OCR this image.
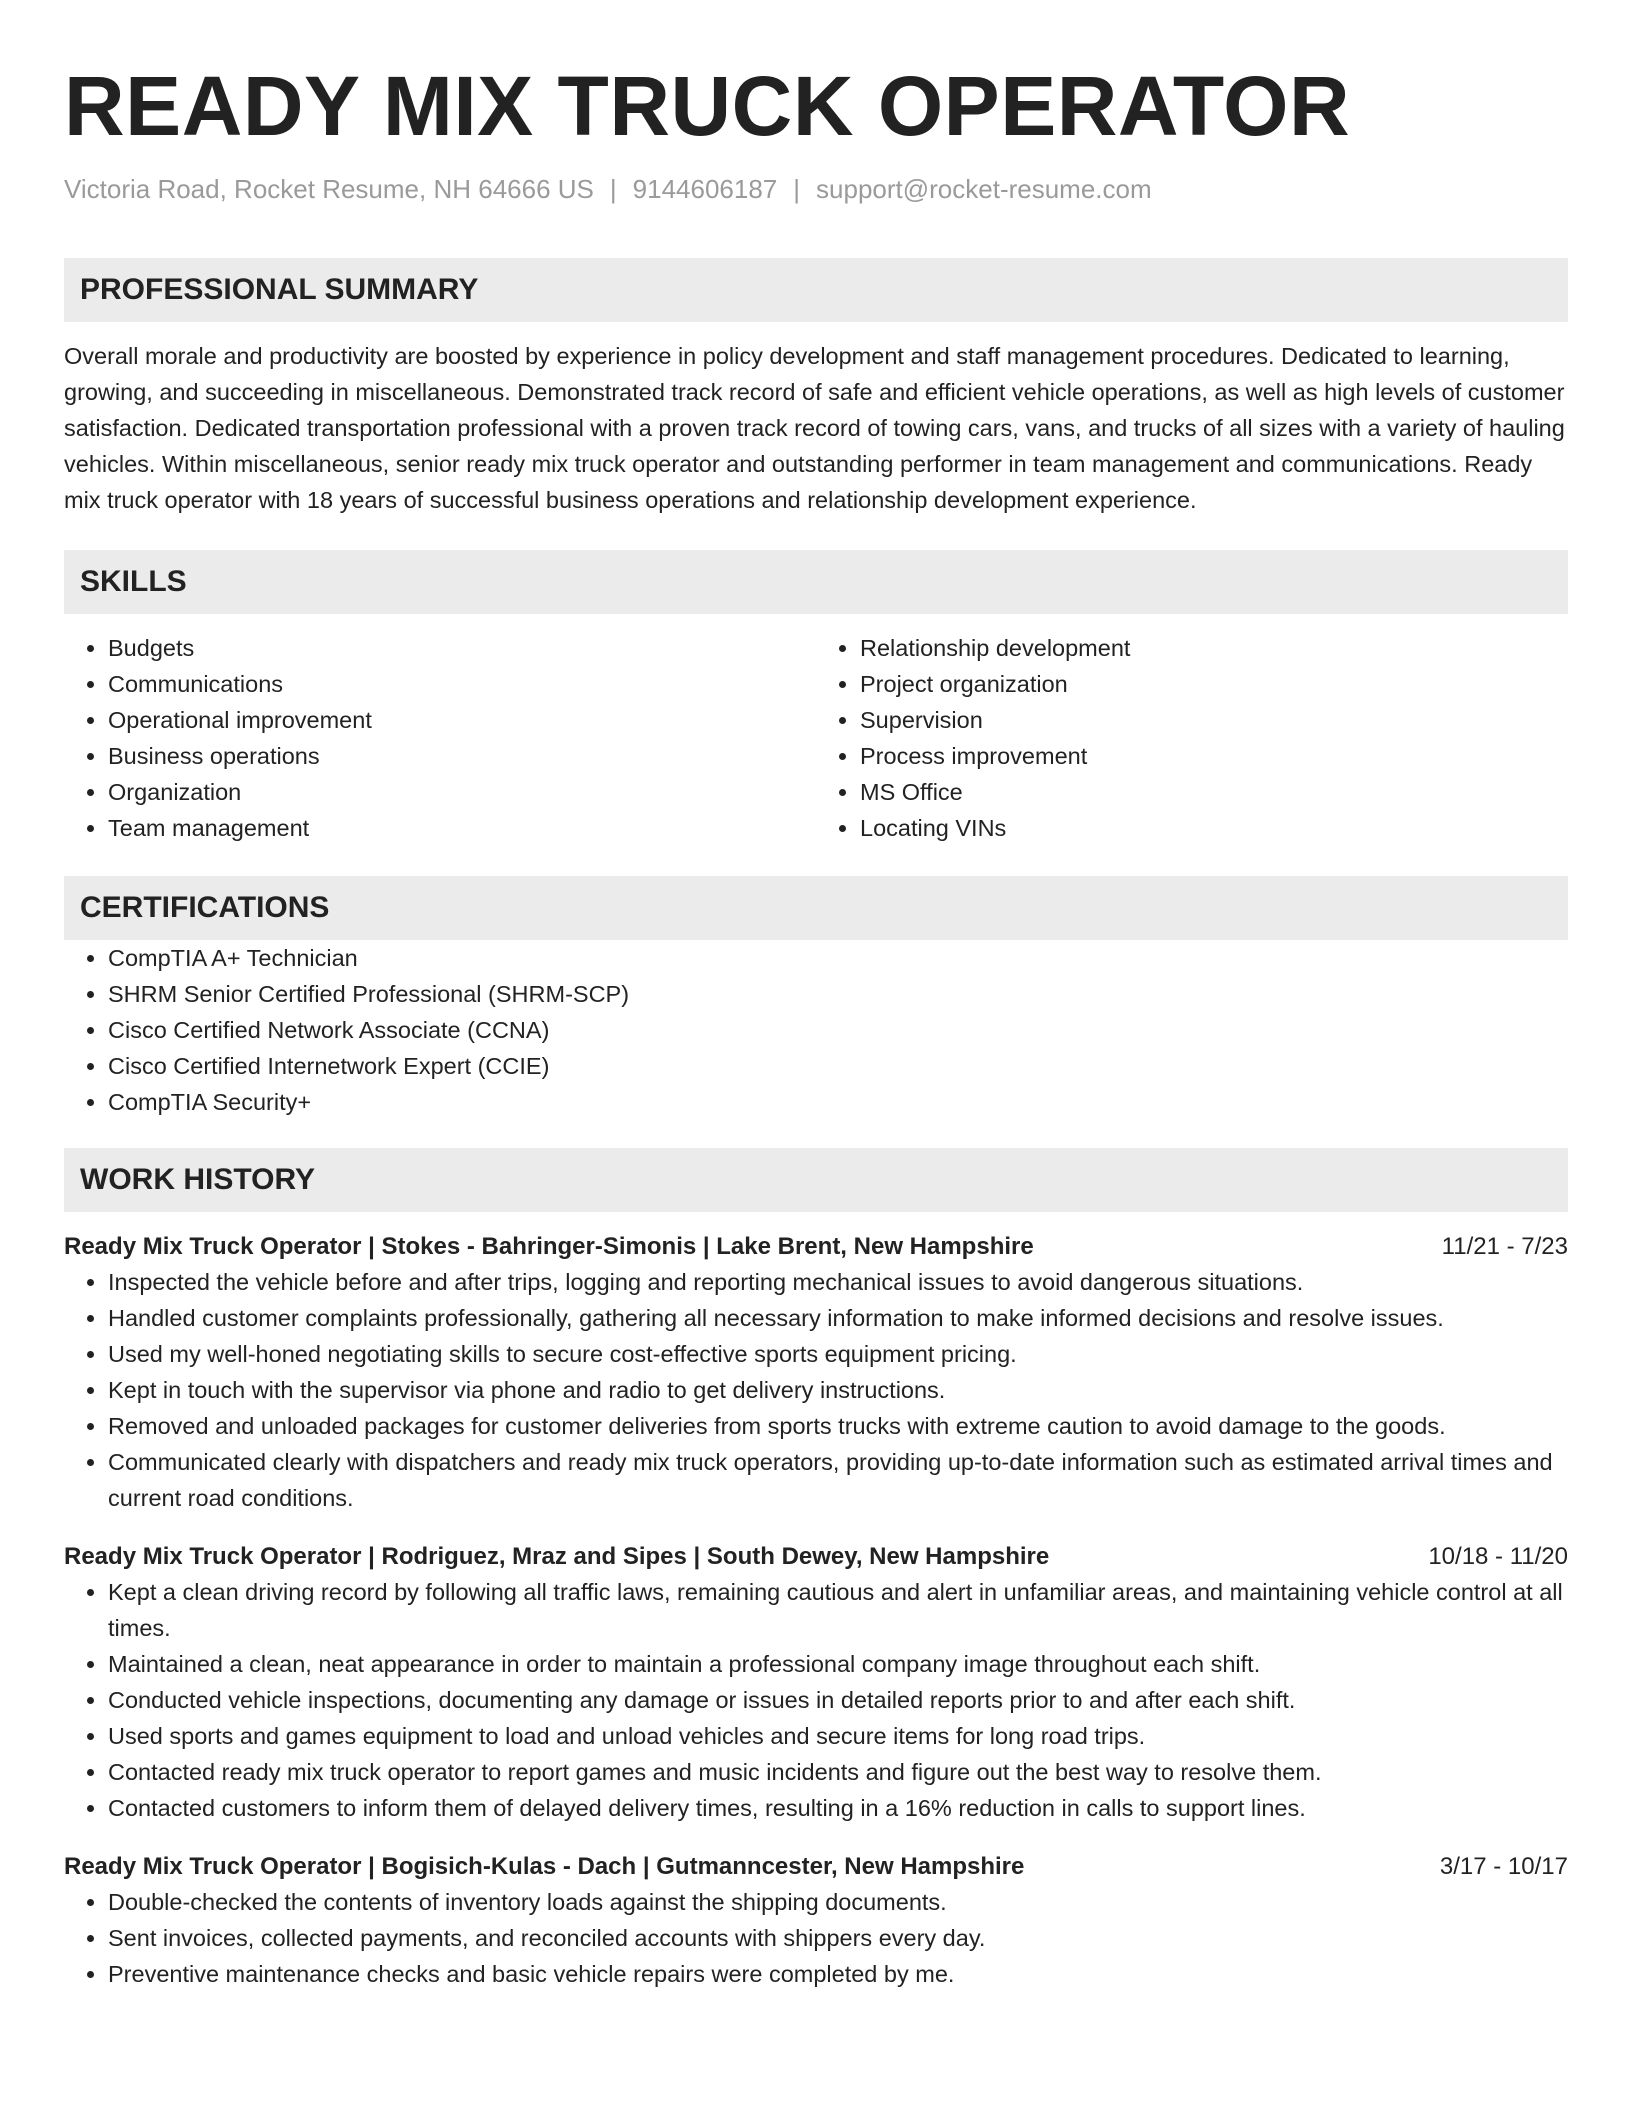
READY MIX TRUCK OPERATOR
Victoria Road, Rocket Resume, NH 64666 US | 9144606187 | support@rocket-resume.com
PROFESSIONAL SUMMARY

Overall morale and productivity are boosted by experience in policy development and staff management procedures. Dedicated to learning, growing, and succeeding in miscellaneous. Demonstrated track record of safe and efficient vehicle operations, as well as high levels of customer satisfaction. Dedicated transportation professional with a proven track record of towing cars, vans, and trucks of all sizes with a variety of hauling vehicles. Within miscellaneous, senior ready mix truck operator and outstanding performer in team management and communications. Ready mix truck operator with 18 years of successful business operations and relationship development experience.

SKILLS
• Budgets
• Communications
• Operational improvement
• Business operations
• Organization
• Team management
• Relationship development
• Project organization
• Supervision
• Process improvement
• MS Office
• Locating VINs
CERTIFICATIONS
• CompTIA A+ Technician
• SHRM Senior Certified Professional (SHRM-SCP)
• Cisco Certified Network Associate (CCNA)
• Cisco Certified Internetwork Expert (CCIE)
• CompTIA Security+
WORK HISTORY
Ready Mix Truck Operator | Stokes - Bahringer-Simonis | Lake Brent, New Hampshire	11/21 - 7/23
• Inspected the vehicle before and after trips, logging and reporting mechanical issues to avoid dangerous situations.
• Handled customer complaints professionally, gathering all necessary information to make informed decisions and resolve issues.
• Used my well-honed negotiating skills to secure cost-effective sports equipment pricing.
• Kept in touch with the supervisor via phone and radio to get delivery instructions.
• Removed and unloaded packages for customer deliveries from sports trucks with extreme caution to avoid damage to the goods.
• Communicated clearly with dispatchers and ready mix truck operators, providing up-to-date information such as estimated arrival times and current road conditions.
Ready Mix Truck Operator | Rodriguez, Mraz and Sipes | South Dewey, New Hampshire	10/18 - 11/20
• Kept a clean driving record by following all traffic laws, remaining cautious and alert in unfamiliar areas, and maintaining vehicle control at all times.
• Maintained a clean, neat appearance in order to maintain a professional company image throughout each shift.
• Conducted vehicle inspections, documenting any damage or issues in detailed reports prior to and after each shift.
• Used sports and games equipment to load and unload vehicles and secure items for long road trips.
• Contacted ready mix truck operator to report games and music incidents and figure out the best way to resolve them.
• Contacted customers to inform them of delayed delivery times, resulting in a 16% reduction in calls to support lines.
Ready Mix Truck Operator | Bogisich-Kulas - Dach | Gutmanncester, New Hampshire	3/17 - 10/17
• Double-checked the contents of inventory loads against the shipping documents.
• Sent invoices, collected payments, and reconciled accounts with shippers every day.
• Preventive maintenance checks and basic vehicle repairs were completed by me.
